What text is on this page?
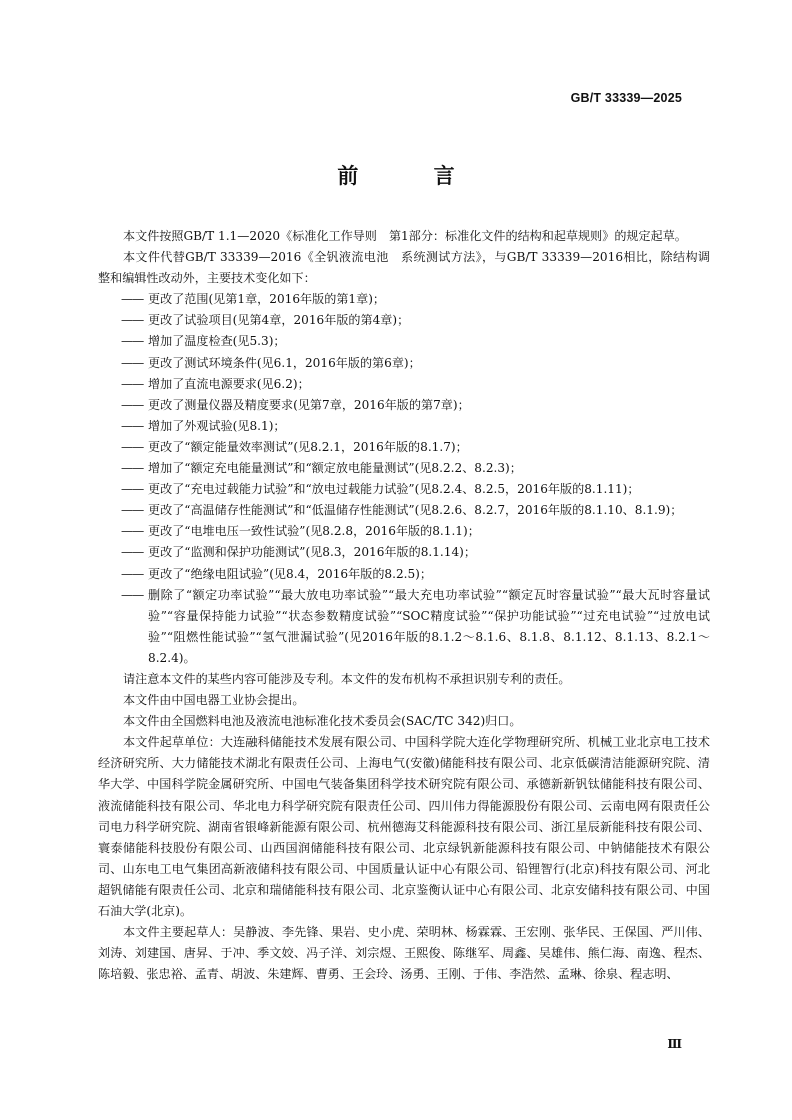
GB/T 33339—2025
前 言

本文件按照GB/T 1.1—2020《标准化工作导则　第1部分：标准化文件的结构和起草规则》的规定起草。

本文件代替GB/T 33339—2016《全钒液流电池　系统测试方法》，与GB/T 33339—2016相比，除结构调整和编辑性改动外，主要技术变化如下：

—— 更改了范围(见第1章，2016年版的第1章)；
—— 更改了试验项目(见第4章，2016年版的第4章)；
—— 增加了温度检查(见5.3)；
—— 更改了测试环境条件(见6.1，2016年版的第6章)；
—— 增加了直流电源要求(见6.2)；
—— 更改了测量仪器及精度要求(见第7章，2016年版的第7章)；
—— 增加了外观试验(见8.1)；
—— 更改了“额定能量效率测试”(见8.2.1，2016年版的8.1.7)；
—— 增加了“额定充电能量测试”和“额定放电能量测试”(见8.2.2、8.2.3)；
—— 更改了“充电过载能力试验”和“放电过载能力试验”(见8.2.4、8.2.5，2016年版的8.1.11)；
—— 更改了“高温储存性能测试”和“低温储存性能测试”(见8.2.6、8.2.7，2016年版的8.1.10、8.1.9)；
—— 更改了“电堆电压一致性试验”(见8.2.8，2016年版的8.1.1)；
—— 更改了“监测和保护功能测试”(见8.3，2016年版的8.1.14)；
—— 更改了“绝缘电阻试验”(见8.4，2016年版的8.2.5)；
—— 删除了“额定功率试验”“最大放电功率试验”“最大充电功率试验”“额定瓦时容量试验”“最大瓦时容量试验”“容量保持能力试验”“状态参数精度试验”“SOC精度试验”“保护功能试验”“过充电试验”“过放电试验”“阻燃性能试验”“氢气泄漏试验”(见2016年版的8.1.2～8.1.6、8.1.8、8.1.12、8.1.13、8.2.1～8.2.4)。

请注意本文件的某些内容可能涉及专利。本文件的发布机构不承担识别专利的责任。

本文件由中国电器工业协会提出。

本文件由全国燃料电池及液流电池标准化技术委员会(SAC/TC 342)归口。

本文件起草单位：大连融科储能技术发展有限公司、中国科学院大连化学物理研究所、机械工业北京电工技术经济研究所、大力储能技术湖北有限责任公司、上海电气(安徽)储能科技有限公司、北京低碳清洁能源研究院、清华大学、中国科学院金属研究所、中国电气装备集团科学技术研究院有限公司、承德新新钒钛储能科技有限公司、液流储能科技有限公司、华北电力科学研究院有限责任公司、四川伟力得能源股份有限公司、云南电网有限责任公司电力科学研究院、湖南省银峰新能源有限公司、杭州德海艾科能源科技有限公司、浙江星辰新能科技有限公司、寰泰储能科技股份有限公司、山西国润储能科技有限公司、北京绿钒新能源科技有限公司、中钠储能技术有限公司、山东电工电气集团高新液储科技有限公司、中国质量认证中心有限公司、铅锂智行(北京)科技有限公司、河北超钒储能有限责任公司、北京和瑞储能科技有限公司、北京鉴衡认证中心有限公司、北京安储科技有限公司、中国石油大学(北京)。

本文件主要起草人：吴静波、李先锋、果岩、史小虎、荣明林、杨霖霖、王宏刚、张华民、王保国、严川伟、刘涛、刘建国、唐昇、于冲、季文姣、冯子洋、刘宗煜、王熙俊、陈继军、周鑫、吴雄伟、熊仁海、南逸、程杰、陈培毅、张忠裕、孟青、胡波、朱建辉、曹勇、王会玲、汤勇、王刚、于伟、李浩然、孟琳、徐泉、程志明、

Ⅲ
